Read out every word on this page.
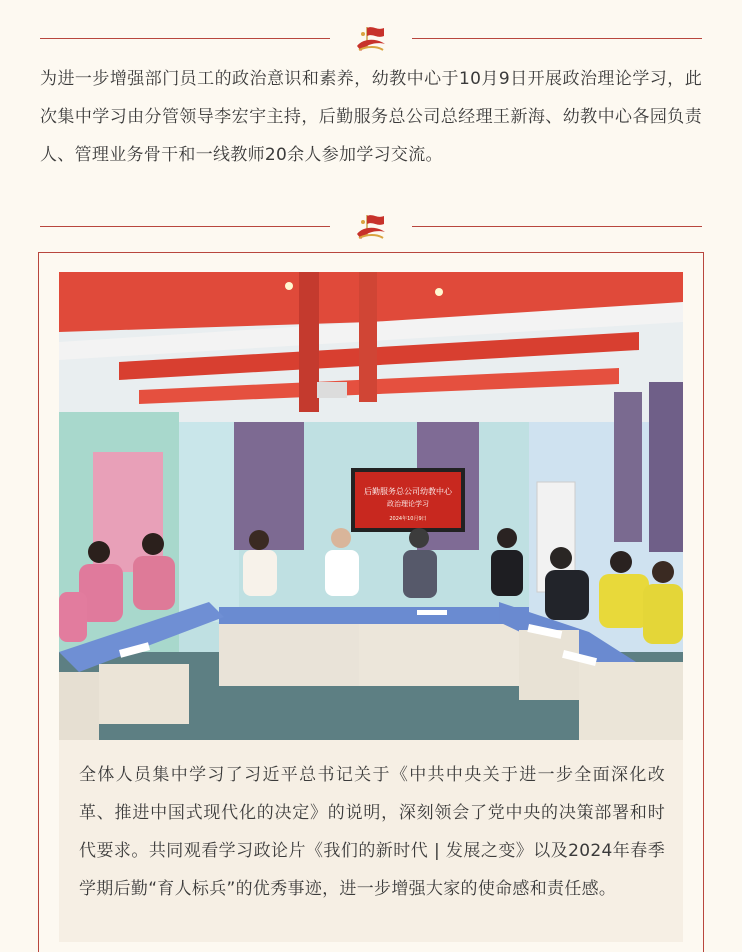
为进一步增强部门员工的政治意识和素养，幼教中心于10月9日开展政治理论学习，此次集中学习由分管领导李宏宇主持，后勤服务总公司总经理王新海、幼教中心各园负责人、管理业务骨干和一线教师20余人参加学习交流。
后勤服务总公司幼教中心
政治理论学习
2024年10月9日
全体人员集中学习了习近平总书记关于《中共中央关于进一步全面深化改革、推进中国式现代化的决定》的说明，深刻领会了党中央的决策部署和时代要求。共同观看学习政论片《我们的新时代 | 发展之变》以及2024年春季学期后勤“育人标兵”的优秀事迹，进一步增强大家的使命感和责任感。
